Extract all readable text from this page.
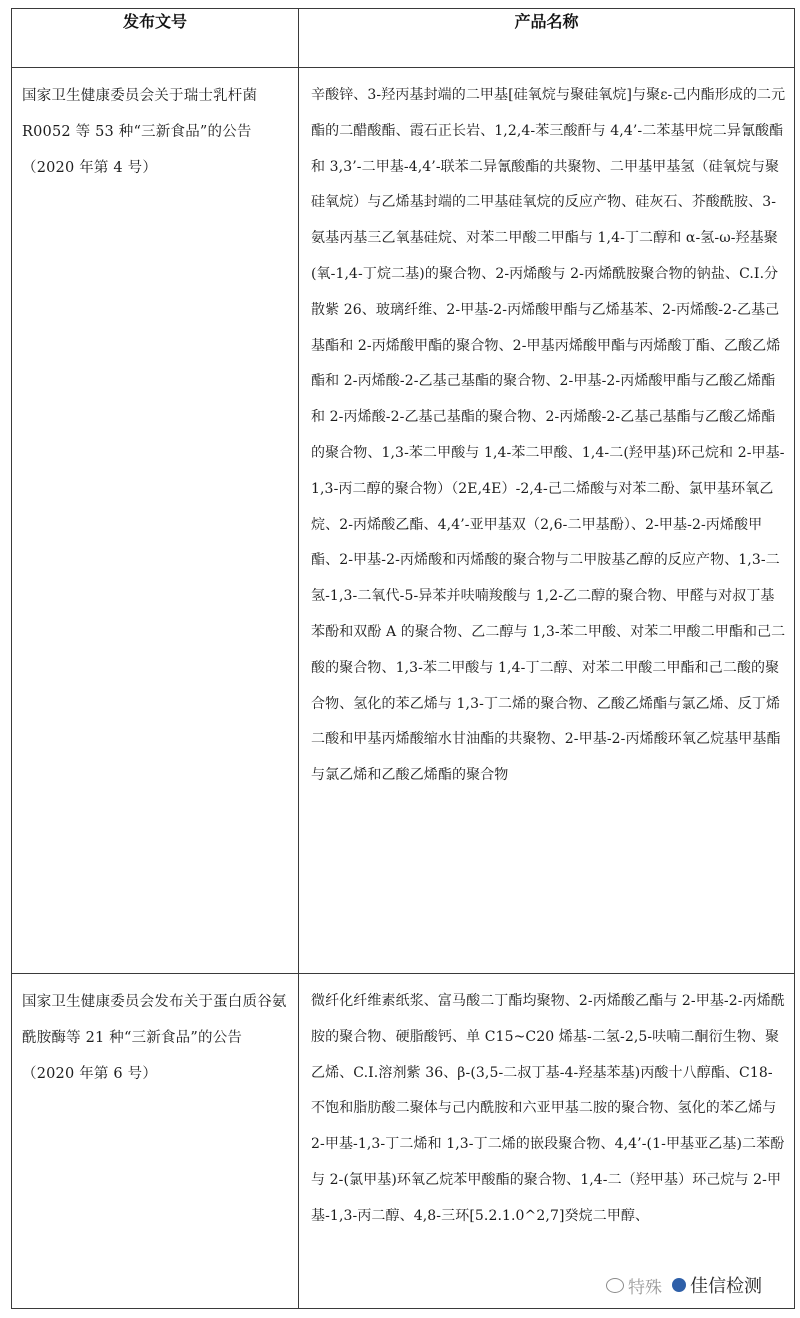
发布文号	产品名称

国家卫生健康委员会关于瑞士乳杆菌 R0052 等 53 种“三新食品”的公告（2020 年第 4 号）	辛酸锌、3-羟丙基封端的二甲基[硅氧烷与聚硅氧烷]与聚ε-己内酯形成的二元酯的二醋酸酯、霞石正长岩、1,2,4-苯三酸酐与 4,4’-二苯基甲烷二异氰酸酯和 3,3’-二甲基-4,4’-联苯二异氰酸酯的共聚物、二甲基甲基氢（硅氧烷与聚硅氧烷）与乙烯基封端的二甲基硅氧烷的反应产物、硅灰石、芥酸酰胺、3-氨基丙基三乙氧基硅烷、对苯二甲酸二甲酯与 1,4-丁二醇和 α-氢-ω-羟基聚(氧-1,4-丁烷二基)的聚合物、2-丙烯酸与 2-丙烯酰胺聚合物的钠盐、C.I.分散紫 26、玻璃纤维、2-甲基-2-丙烯酸甲酯与乙烯基苯、2-丙烯酸-2-乙基己基酯和 2-丙烯酸甲酯的聚合物、2-甲基丙烯酸甲酯与丙烯酸丁酯、乙酸乙烯酯和 2-丙烯酸-2-乙基己基酯的聚合物、2-甲基-2-丙烯酸甲酯与乙酸乙烯酯和 2-丙烯酸-2-乙基己基酯的聚合物、2-丙烯酸-2-乙基己基酯与乙酸乙烯酯的聚合物、1,3-苯二甲酸与 1,4-苯二甲酸、1,4-二(羟甲基)环己烷和 2-甲基-1,3-丙二醇的聚合物）（2E,4E）-2,4-己二烯酸与对苯二酚、氯甲基环氧乙烷、2-丙烯酸乙酯、4,4’-亚甲基双（2,6-二甲基酚）、2-甲基-2-丙烯酸甲酯、2-甲基-2-丙烯酸和丙烯酸的聚合物与二甲胺基乙醇的反应产物、1,3-二氢-1,3-二氧代-5-异苯并呋喃羧酸与 1,2-乙二醇的聚合物、甲醛与对叔丁基苯酚和双酚 A 的聚合物、乙二醇与 1,3-苯二甲酸、对苯二甲酸二甲酯和己二酸的聚合物、1,3-苯二甲酸与 1,4-丁二醇、对苯二甲酸二甲酯和己二酸的聚合物、氢化的苯乙烯与 1,3-丁二烯的聚合物、乙酸乙烯酯与氯乙烯、反丁烯二酸和甲基丙烯酸缩水甘油酯的共聚物、2-甲基-2-丙烯酸环氧乙烷基甲基酯与氯乙烯和乙酸乙烯酯的聚合物

国家卫生健康委员会发布关于蛋白质谷氨酰胺酶等 21 种“三新食品”的公告（2020 年第 6 号）	微纤化纤维素纸浆、富马酸二丁酯均聚物、2-丙烯酸乙酯与 2-甲基-2-丙烯酰胺的聚合物、硬脂酸钙、单 C15~C20 烯基-二氢-2,5-呋喃二酮衍生物、聚乙烯、C.I.溶剂紫 36、β-(3,5-二叔丁基-4-羟基苯基)丙酸十八醇酯、C18-不饱和脂肪酸二聚体与己内酰胺和六亚甲基二胺的聚合物、氢化的苯乙烯与 2-甲基-1,3-丁二烯和 1,3-丁二烯的嵌段聚合物、4,4’-(1-甲基亚乙基)二苯酚与 2-(氯甲基)环氧乙烷苯甲酸酯的聚合物、1,4-二（羟甲基）环己烷与 2-甲基-1,3-丙二醇、4,8-三环[5.2.1.0^2,7]癸烷二甲醇、
特殊 佳信检测
